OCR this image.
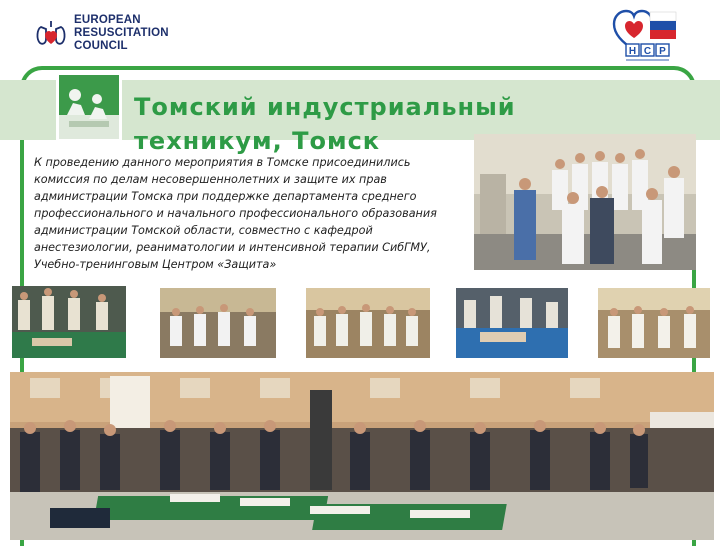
EUROPEAN
RESUSCITATION
COUNCIL	Н С Р
Томский индустриальный техникум, Томск

К проведению данного мероприятия в Томске присоединились комиссия по делам несовершеннолетних и защите их прав администрации Томска при поддержке департамента среднего профессионального и начального профессионального образования администрации Томской области, совместно с кафедрой анестезиологии, реаниматологии и интенсивной терапии СибГМУ, Учебно-тренинговым Центром «Защита»
